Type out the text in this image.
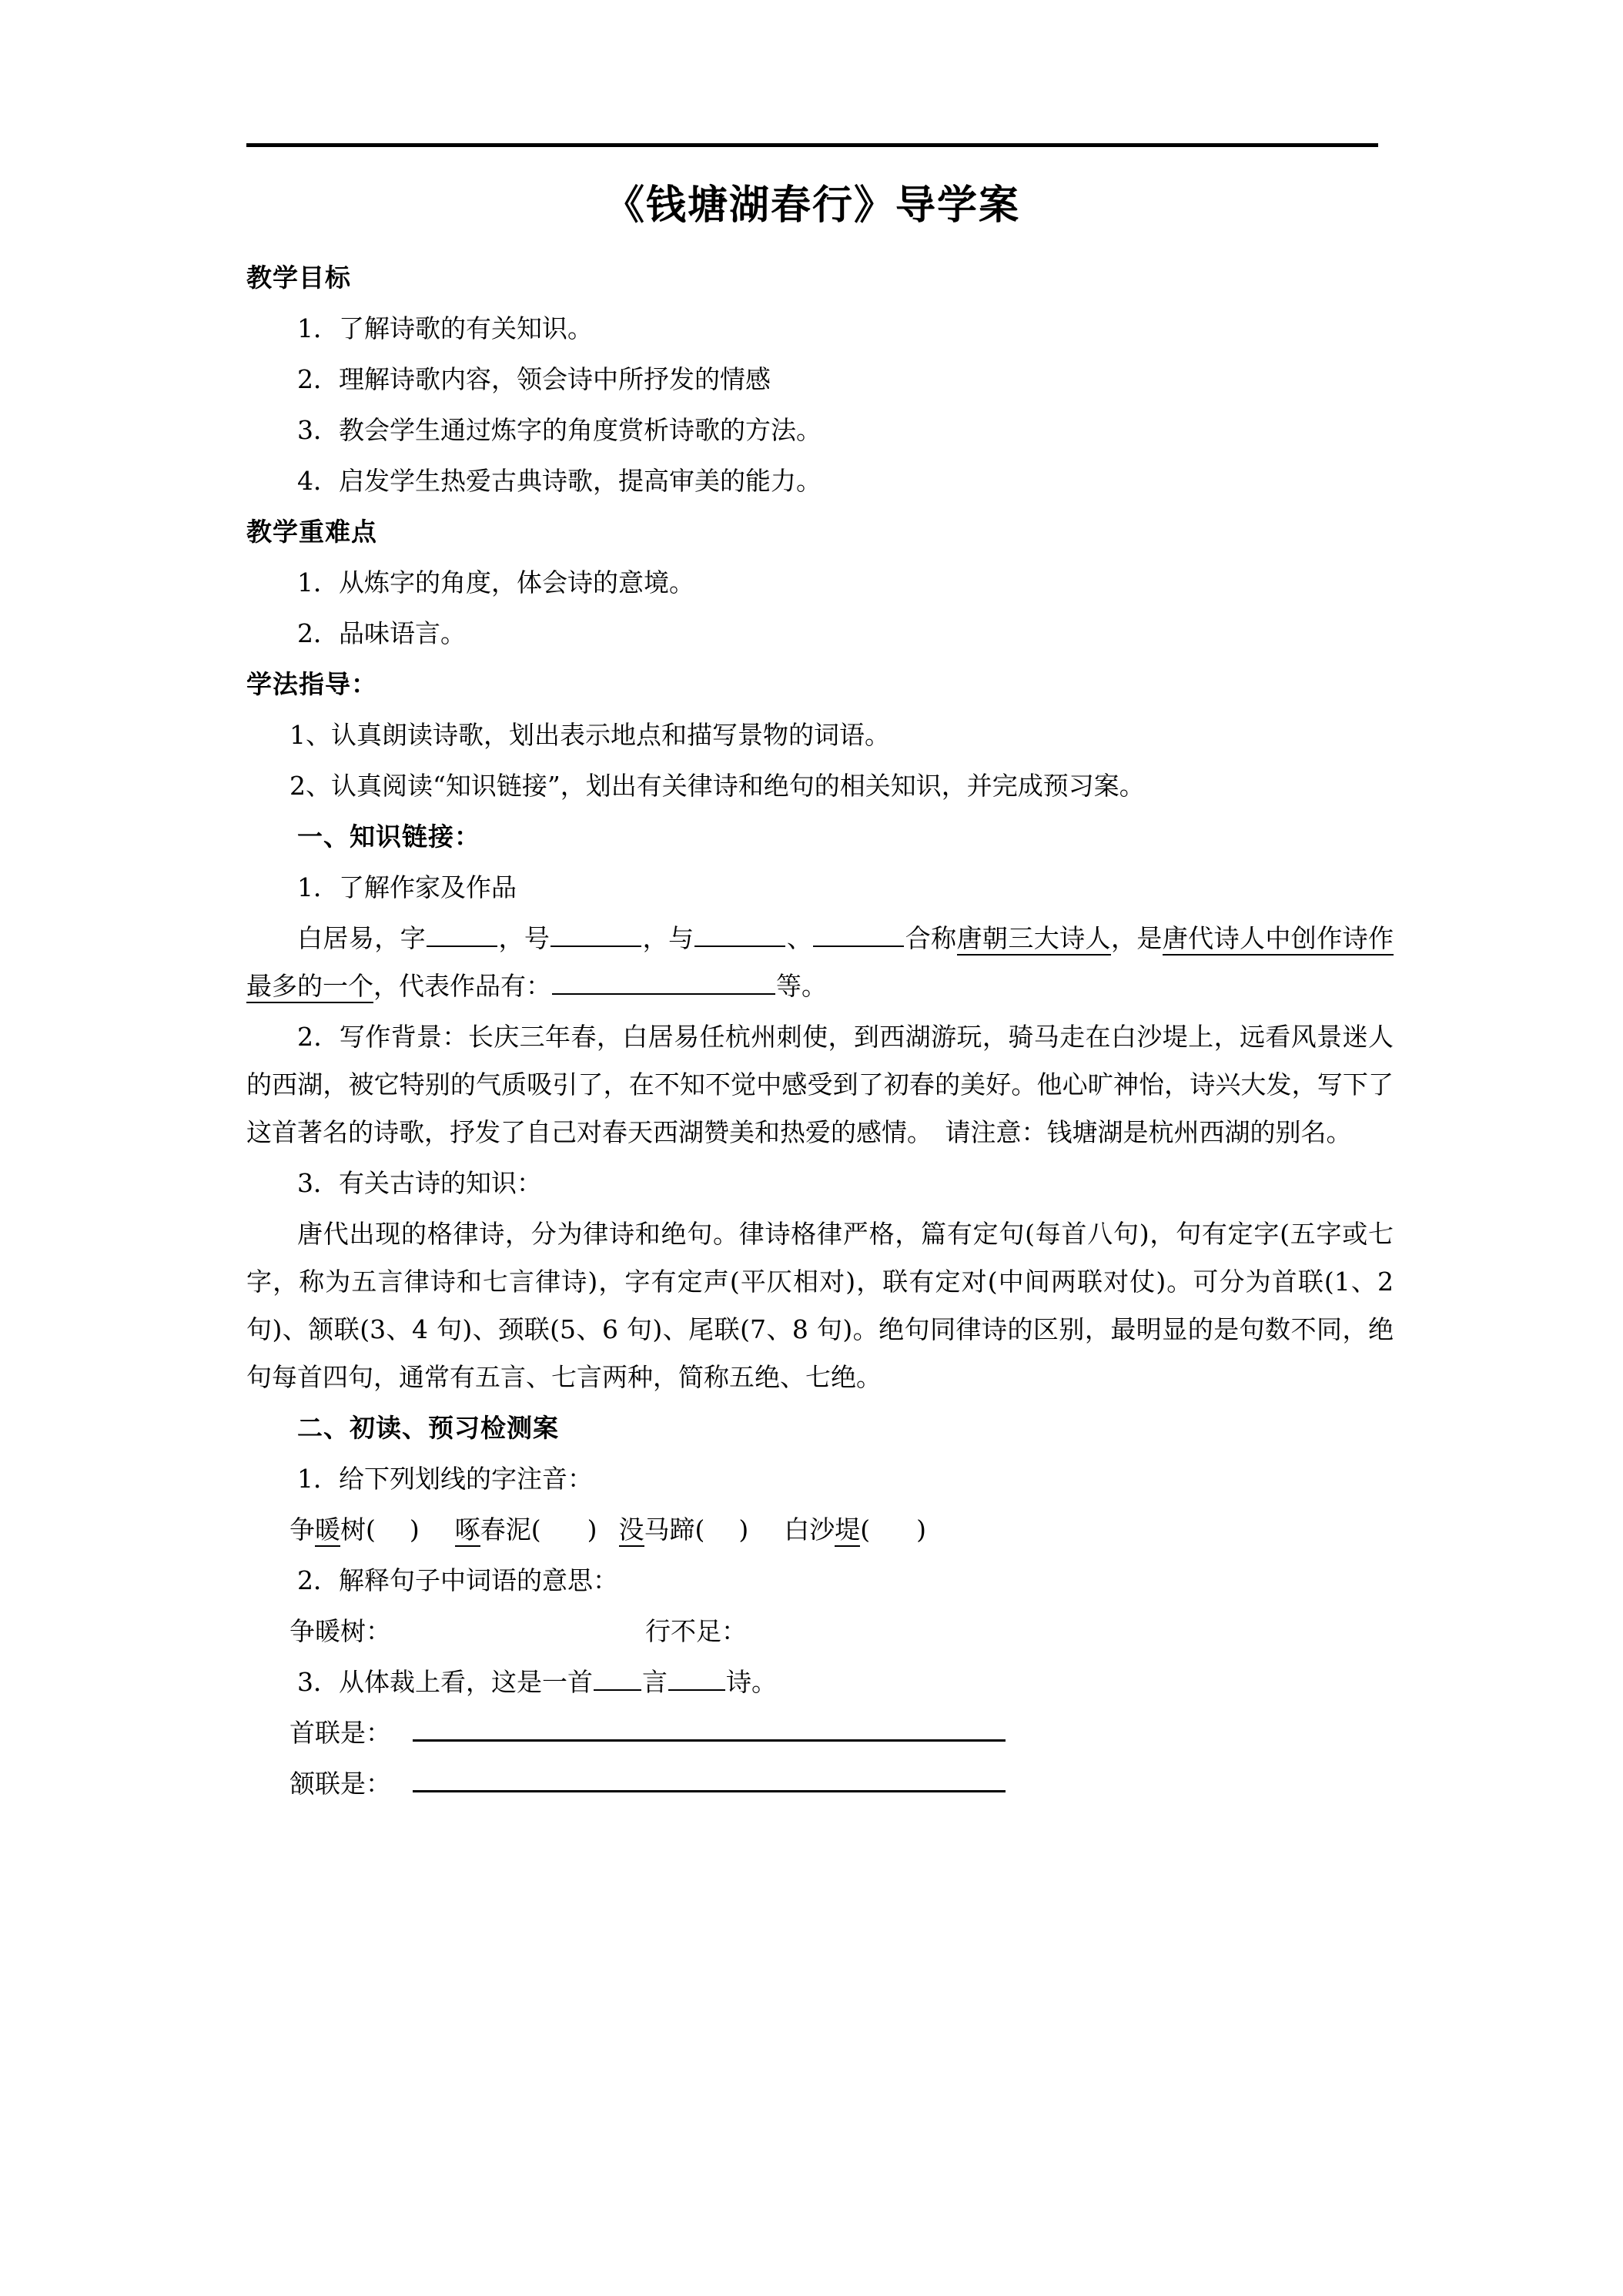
《钱塘湖春行》导学案

教学目标

1．了解诗歌的有关知识。

2．理解诗歌内容，领会诗中所抒发的情感

3．教会学生通过炼字的角度赏析诗歌的方法。

4．启发学生热爱古典诗歌，提高审美的能力。

教学重难点

1．从炼字的角度，体会诗的意境。

2．品味语言。

学法指导：

1、认真朗读诗歌，划出表示地点和描写景物的词语。

2、认真阅读“知识链接”，划出有关律诗和绝句的相关知识，并完成预习案。

一、知识链接：

1．了解作家及作品

白居易，字	，号	，与	、	合称唐朝三大诗人，是唐代诗人中创作诗作最多的一个，代表作品有：	等。

2．写作背景：长庆三年春，白居易任杭州刺使，到西湖游玩，骑马走在白沙堤上，远看风景迷人的西湖，被它特别的气质吸引了，在不知不觉中感受到了初春的美好。他心旷神怡，诗兴大发，写下了这首著名的诗歌，抒发了自己对春天西湖赞美和热爱的感情。　请注意：钱塘湖是杭州西湖的别名。

3．有关古诗的知识：

唐代出现的格律诗，分为律诗和绝句。律诗格律严格，篇有定句(每首八句)，句有定字(五字或七字，称为五言律诗和七言律诗)，字有定声(平仄相对)，联有定对(中间两联对仗)。可分为首联(1、2 句)、颔联(3、4 句)、颈联(5、6 句)、尾联(7、8 句)。绝句同律诗的区别，最明显的是句数不同，绝句每首四句，通常有五言、七言两种，简称五绝、七绝。

二、初读、预习检测案

1．给下列划线的字注音：

争暖树( ) 啄春泥( ) 没马蹄( ) 白沙堤( )

2．解释句子中词语的意思：

争暖树：	行不足：

3．从体裁上看，这是一首 言 诗。

首联是：

颔联是：
